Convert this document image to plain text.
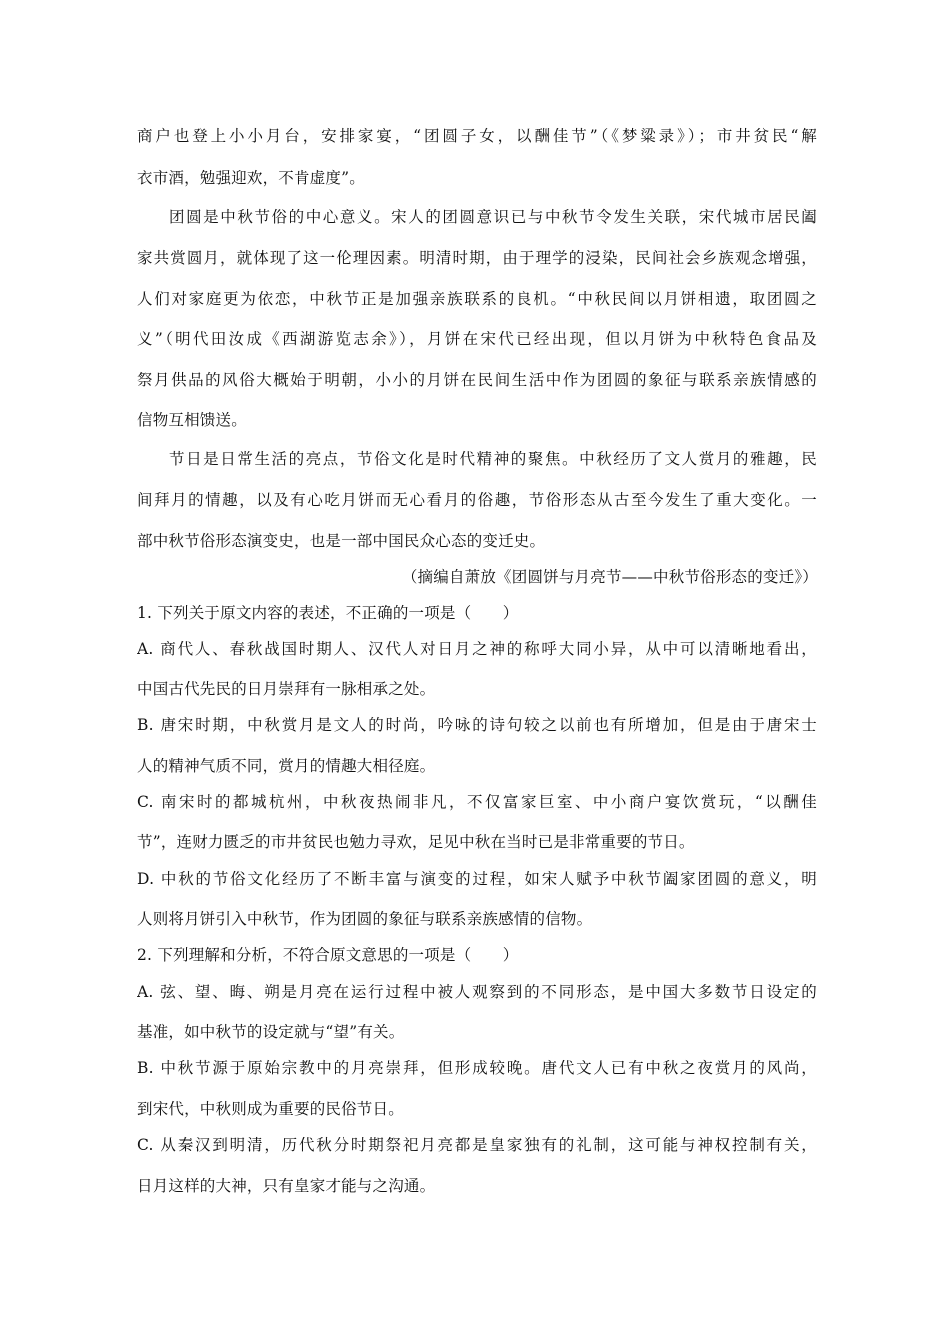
商户也登上小小月台，安排家宴，“团圆子女，以酬佳节”（《梦粱录》）；市井贫民“解
衣市酒，勉强迎欢，不肯虚度”。
团圆是中秋节俗的中心意义。宋人的团圆意识已与中秋节令发生关联，宋代城市居民阖
家共赏圆月，就体现了这一伦理因素。明清时期，由于理学的浸染，民间社会乡族观念增强，
人们对家庭更为依恋，中秋节正是加强亲族联系的良机。“中秋民间以月饼相遗，取团圆之
义”（明代田汝成《西湖游览志余》），月饼在宋代已经出现，但以月饼为中秋特色食品及
祭月供品的风俗大概始于明朝，小小的月饼在民间生活中作为团圆的象征与联系亲族情感的
信物互相馈送。
节日是日常生活的亮点，节俗文化是时代精神的聚焦。中秋经历了文人赏月的雅趣，民
间拜月的情趣，以及有心吃月饼而无心看月的俗趣，节俗形态从古至今发生了重大变化。一
部中秋节俗形态演变史，也是一部中国民众心态的变迁史。
（摘编自萧放《团圆饼与月亮节——中秋节俗形态的变迁》）
1. 下列关于原文内容的表述，不正确的一项是（　　）
A. 商代人、春秋战国时期人、汉代人对日月之神的称呼大同小异，从中可以清晰地看出，
中国古代先民的日月崇拜有一脉相承之处。
B. 唐宋时期，中秋赏月是文人的时尚，吟咏的诗句较之以前也有所增加，但是由于唐宋士
人的精神气质不同，赏月的情趣大相径庭。
C. 南宋时的都城杭州，中秋夜热闹非凡，不仅富家巨室、中小商户宴饮赏玩，“以酬佳
节”，连财力匮乏的市井贫民也勉力寻欢，足见中秋在当时已是非常重要的节日。
D. 中秋的节俗文化经历了不断丰富与演变的过程，如宋人赋予中秋节阖家团圆的意义，明
人则将月饼引入中秋节，作为团圆的象征与联系亲族感情的信物。
2. 下列理解和分析，不符合原文意思的一项是（　　）
A. 弦、望、晦、朔是月亮在运行过程中被人观察到的不同形态，是中国大多数节日设定的
基准，如中秋节的设定就与“望”有关。
B. 中秋节源于原始宗教中的月亮崇拜，但形成较晚。唐代文人已有中秋之夜赏月的风尚，
到宋代，中秋则成为重要的民俗节日。
C. 从秦汉到明清，历代秋分时期祭祀月亮都是皇家独有的礼制，这可能与神权控制有关，
日月这样的大神，只有皇家才能与之沟通。
